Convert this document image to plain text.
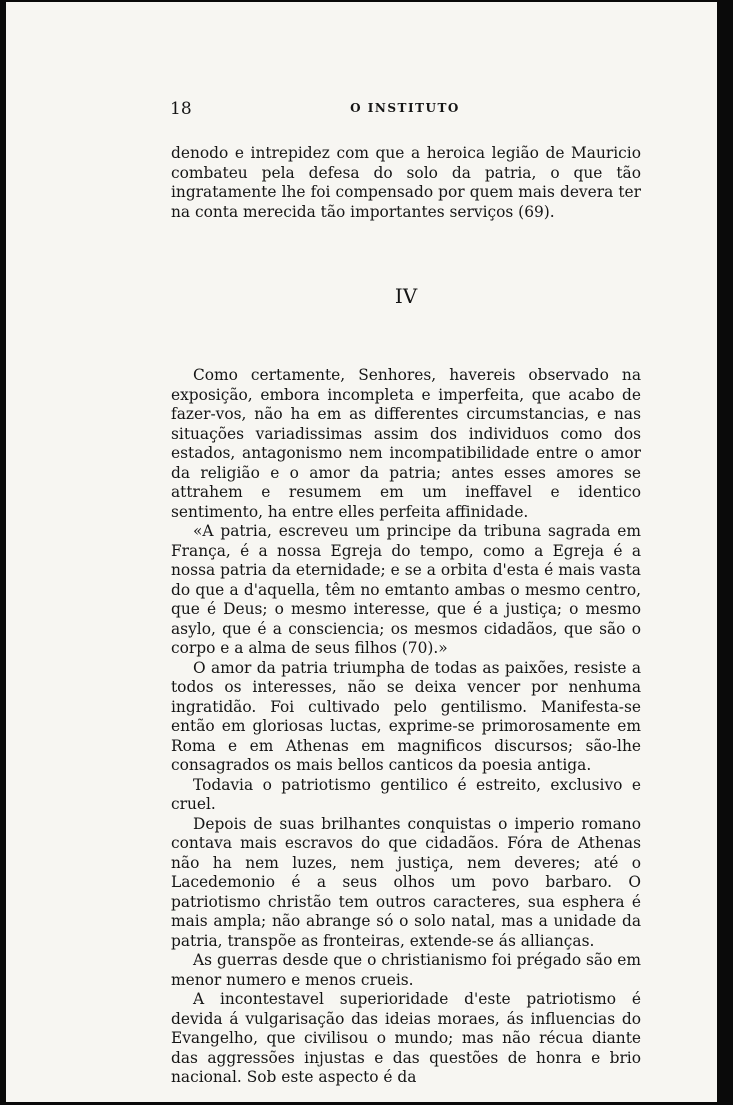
18	O INSTITUTO

denodo e intrepidez com que a heroica legião de Mauricio combateu pela defesa do solo da patria, o que tão ingratamente lhe foi compensado por quem mais devera ter na conta merecida tão importantes serviços (69).

IV

Como certamente, Senhores, havereis observado na exposição, embora incompleta e imperfeita, que acabo de fazer-vos, não ha em as differentes circumstancias, e nas situações variadissimas assim dos individuos como dos estados, antagonismo nem incompatibilidade entre o amor da religião e o amor da patria; antes esses amores se attrahem e resumem em um ineffavel e identico sentimento, ha entre elles perfeita affinidade.

«A patria, escreveu um principe da tribuna sagrada em França, é a nossa Egreja do tempo, como a Egreja é a nossa patria da eternidade; e se a orbita d'esta é mais vasta do que a d'aquella, têm no emtanto ambas o mesmo centro, que é Deus; o mesmo interesse, que é a justiça; o mesmo asylo, que é a consciencia; os mesmos cidadãos, que são o corpo e a alma de seus filhos (70).»

O amor da patria triumpha de todas as paixões, resiste a todos os interesses, não se deixa vencer por nenhuma ingratidão. Foi cultivado pelo gentilismo. Manifesta-se então em gloriosas luctas, exprime-se primorosamente em Roma e em Athenas em magnificos discursos; são-lhe consagrados os mais bellos canticos da poesia antiga.

Todavia o patriotismo gentilico é estreito, exclusivo e cruel.

Depois de suas brilhantes conquistas o imperio romano contava mais escravos do que cidadãos. Fóra de Athenas não ha nem luzes, nem justiça, nem deveres; até o Lacedemonio é a seus olhos um povo barbaro. O patriotismo christão tem outros caracteres, sua esphera é mais ampla; não abrange só o solo natal, mas a unidade da patria, transpõe as fronteiras, extende-se ás allianças.

As guerras desde que o christianismo foi prégado são em menor numero e menos crueis.

A incontestavel superioridade d'este patriotismo é devida á vulgarisação das ideias moraes, ás influencias do Evangelho, que civilisou o mundo; mas não récua diante das aggressões injustas e das questões de honra e brio nacional. Sob este aspecto é da
